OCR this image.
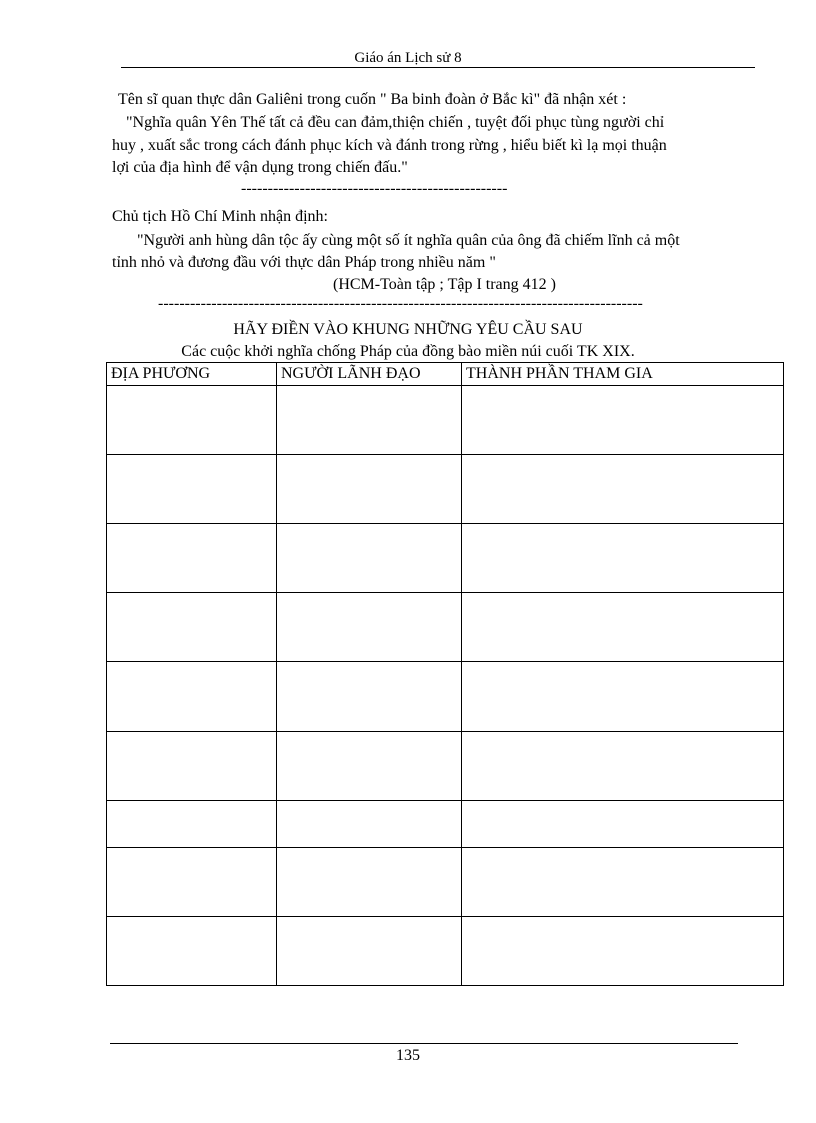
Giáo án Lịch sử 8
Tên sĩ quan thực dân Galiêni trong cuốn " Ba binh đoàn ở Bắc kì" đã nhận xét :
"Nghĩa quân Yên Thế tất cả đều can đảm,thiện chiến , tuyệt đối phục tùng người chỉ
huy , xuất sắc trong cách đánh phục kích và đánh trong rừng , hiểu biết kì lạ mọi thuận
lợi của địa hình để vận dụng trong chiến đấu."
--------------------------------------------------
Chủ tịch Hồ Chí Minh nhận định:
"Người anh hùng dân tộc ấy cùng một số ít nghĩa quân của ông đã chiếm lĩnh cả một
tỉnh nhỏ và đương đầu với thực dân Pháp trong nhiều năm "
(HCM-Toàn tập ; Tập I trang 412 )
-------------------------------------------------------------------------------------------
HÃY ĐIỀN VÀO KHUNG NHỮNG YÊU CẦU SAU
Các cuộc khởi nghĩa chống Pháp của đồng bào miền núi cuối TK XIX.
ĐỊA PHƯƠNG	NGƯỜI LÃNH ĐẠO	THÀNH PHẦN THAM GIA

135
